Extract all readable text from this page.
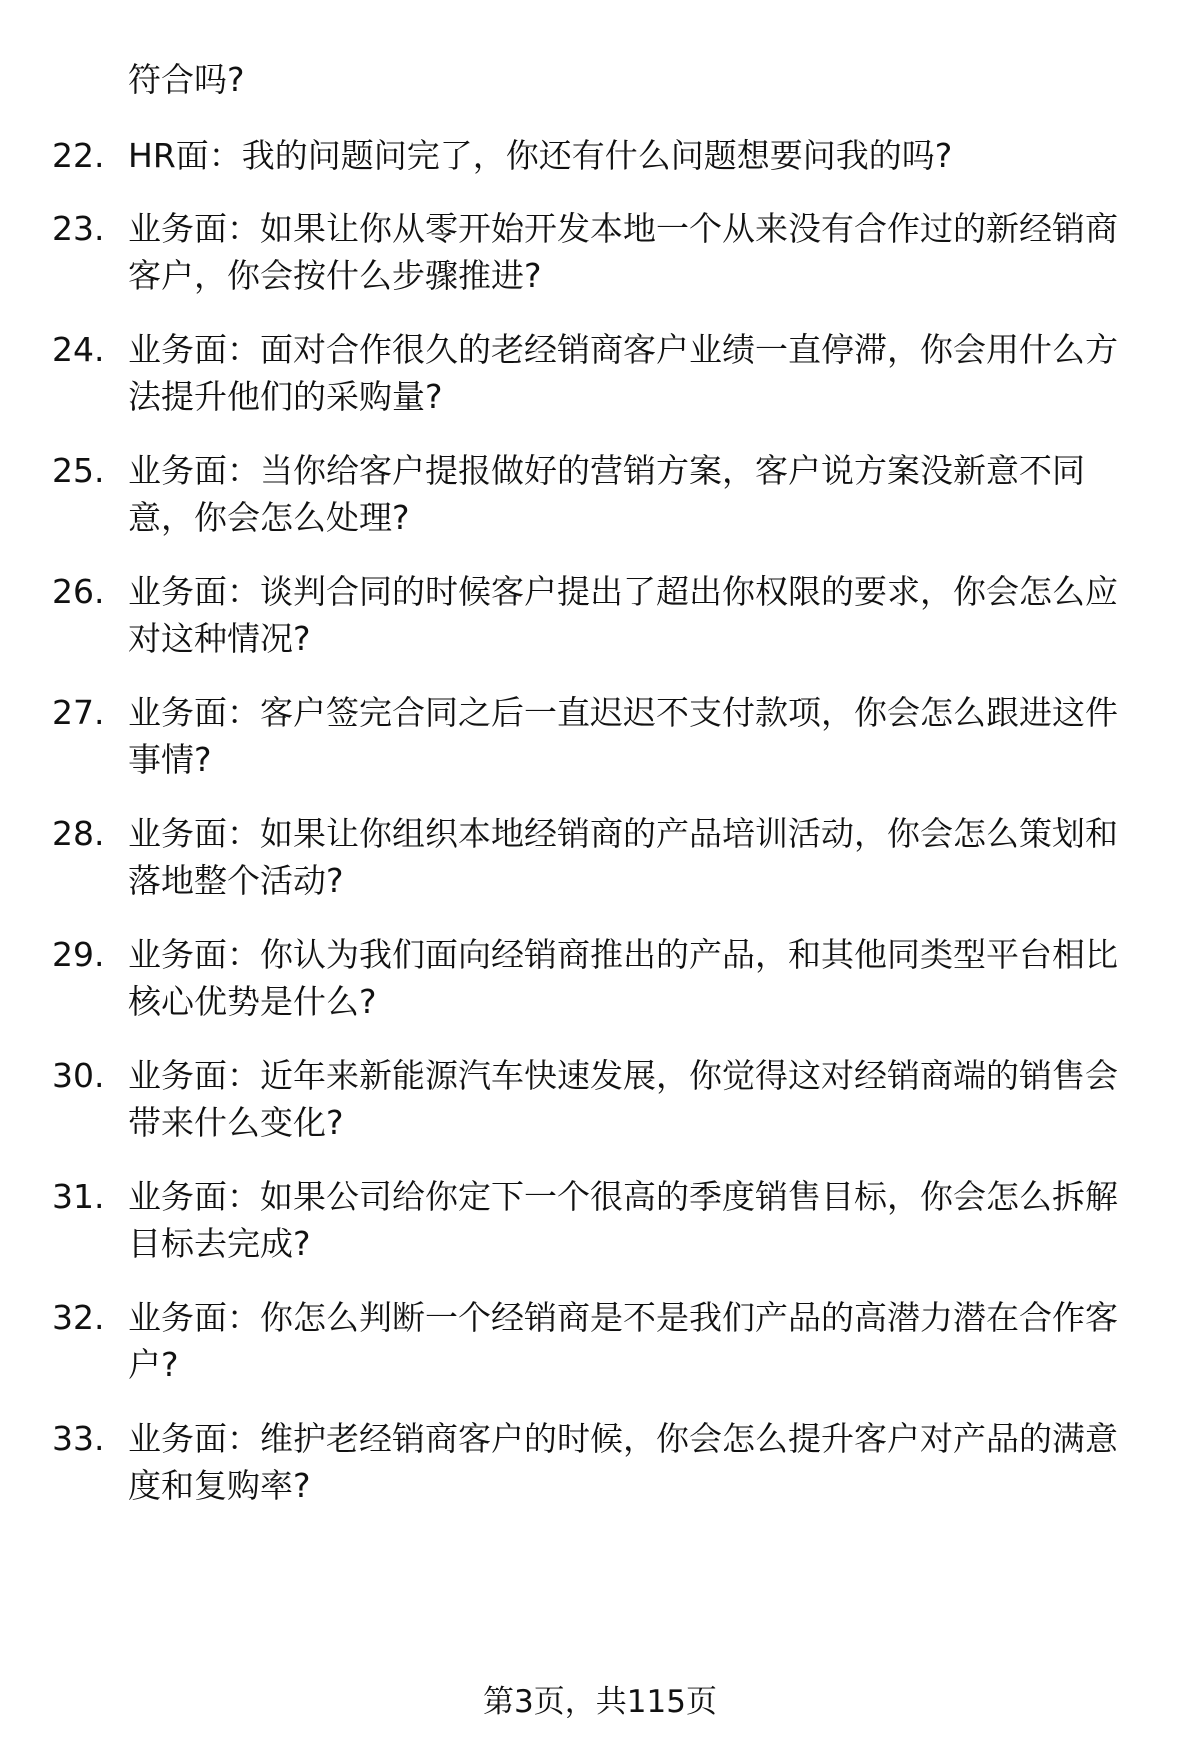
符合吗?
22. HR面：我的问题问完了，你还有什么问题想要问我的吗?
23. 业务面：如果让你从零开始开发本地一个从来没有合作过的新经销商客户，你会按什么步骤推进?
24. 业务面：面对合作很久的老经销商客户业绩一直停滞，你会用什么方法提升他们的采购量?
25. 业务面：当你给客户提报做好的营销方案，客户说方案没新意不同意，你会怎么处理?
26. 业务面：谈判合同的时候客户提出了超出你权限的要求，你会怎么应对这种情况?
27. 业务面：客户签完合同之后一直迟迟不支付款项，你会怎么跟进这件事情?
28. 业务面：如果让你组织本地经销商的产品培训活动，你会怎么策划和落地整个活动?
29. 业务面：你认为我们面向经销商推出的产品，和其他同类型平台相比核心优势是什么?
30. 业务面：近年来新能源汽车快速发展，你觉得这对经销商端的销售会带来什么变化?
31. 业务面：如果公司给你定下一个很高的季度销售目标，你会怎么拆解目标去完成?
32. 业务面：你怎么判断一个经销商是不是我们产品的高潜力潜在合作客户?
33. 业务面：维护老经销商客户的时候，你会怎么提升客户对产品的满意度和复购率?
第3页，共115页
